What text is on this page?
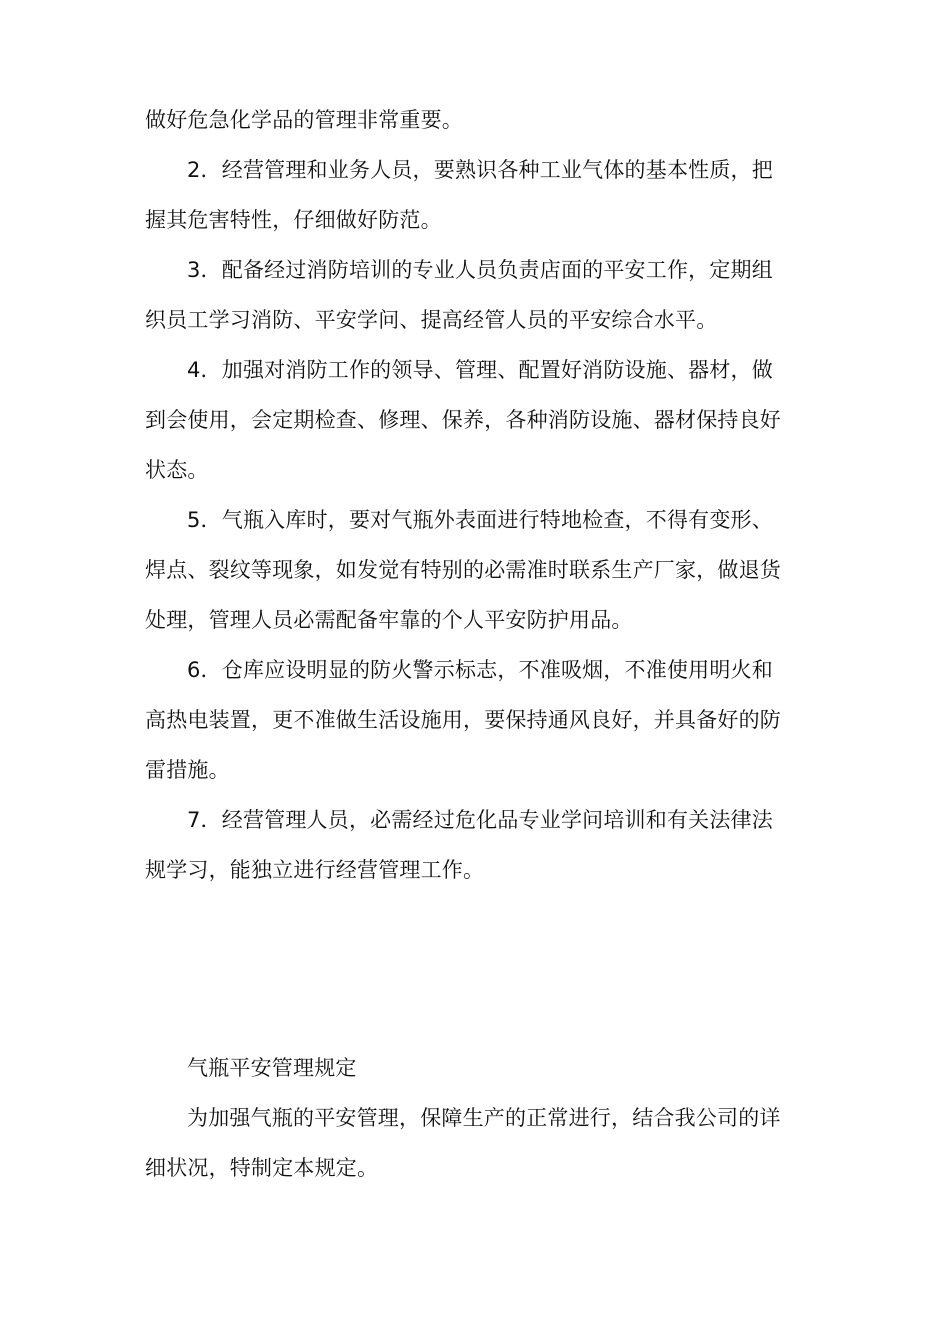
做好危急化学品的管理非常重要。
2．经营管理和业务人员，要熟识各种工业气体的基本性质，把
握其危害特性，仔细做好防范。
3．配备经过消防培训的专业人员负责店面的平安工作，定期组
织员工学习消防、平安学问、提高经管人员的平安综合水平。
4．加强对消防工作的领导、管理、配置好消防设施、器材，做
到会使用，会定期检查、修理、保养，各种消防设施、器材保持良好
状态。
5．气瓶入库时，要对气瓶外表面进行特地检查，不得有变形、
焊点、裂纹等现象，如发觉有特别的必需准时联系生产厂家，做退货
处理，管理人员必需配备牢靠的个人平安防护用品。
6．仓库应设明显的防火警示标志，不准吸烟，不准使用明火和
高热电装置，更不准做生活设施用，要保持通风良好，并具备好的防
雷措施。
7．经营管理人员，必需经过危化品专业学问培训和有关法律法
规学习，能独立进行经营管理工作。
气瓶平安管理规定
为加强气瓶的平安管理，保障生产的正常进行，结合我公司的详
细状况，特制定本规定。
